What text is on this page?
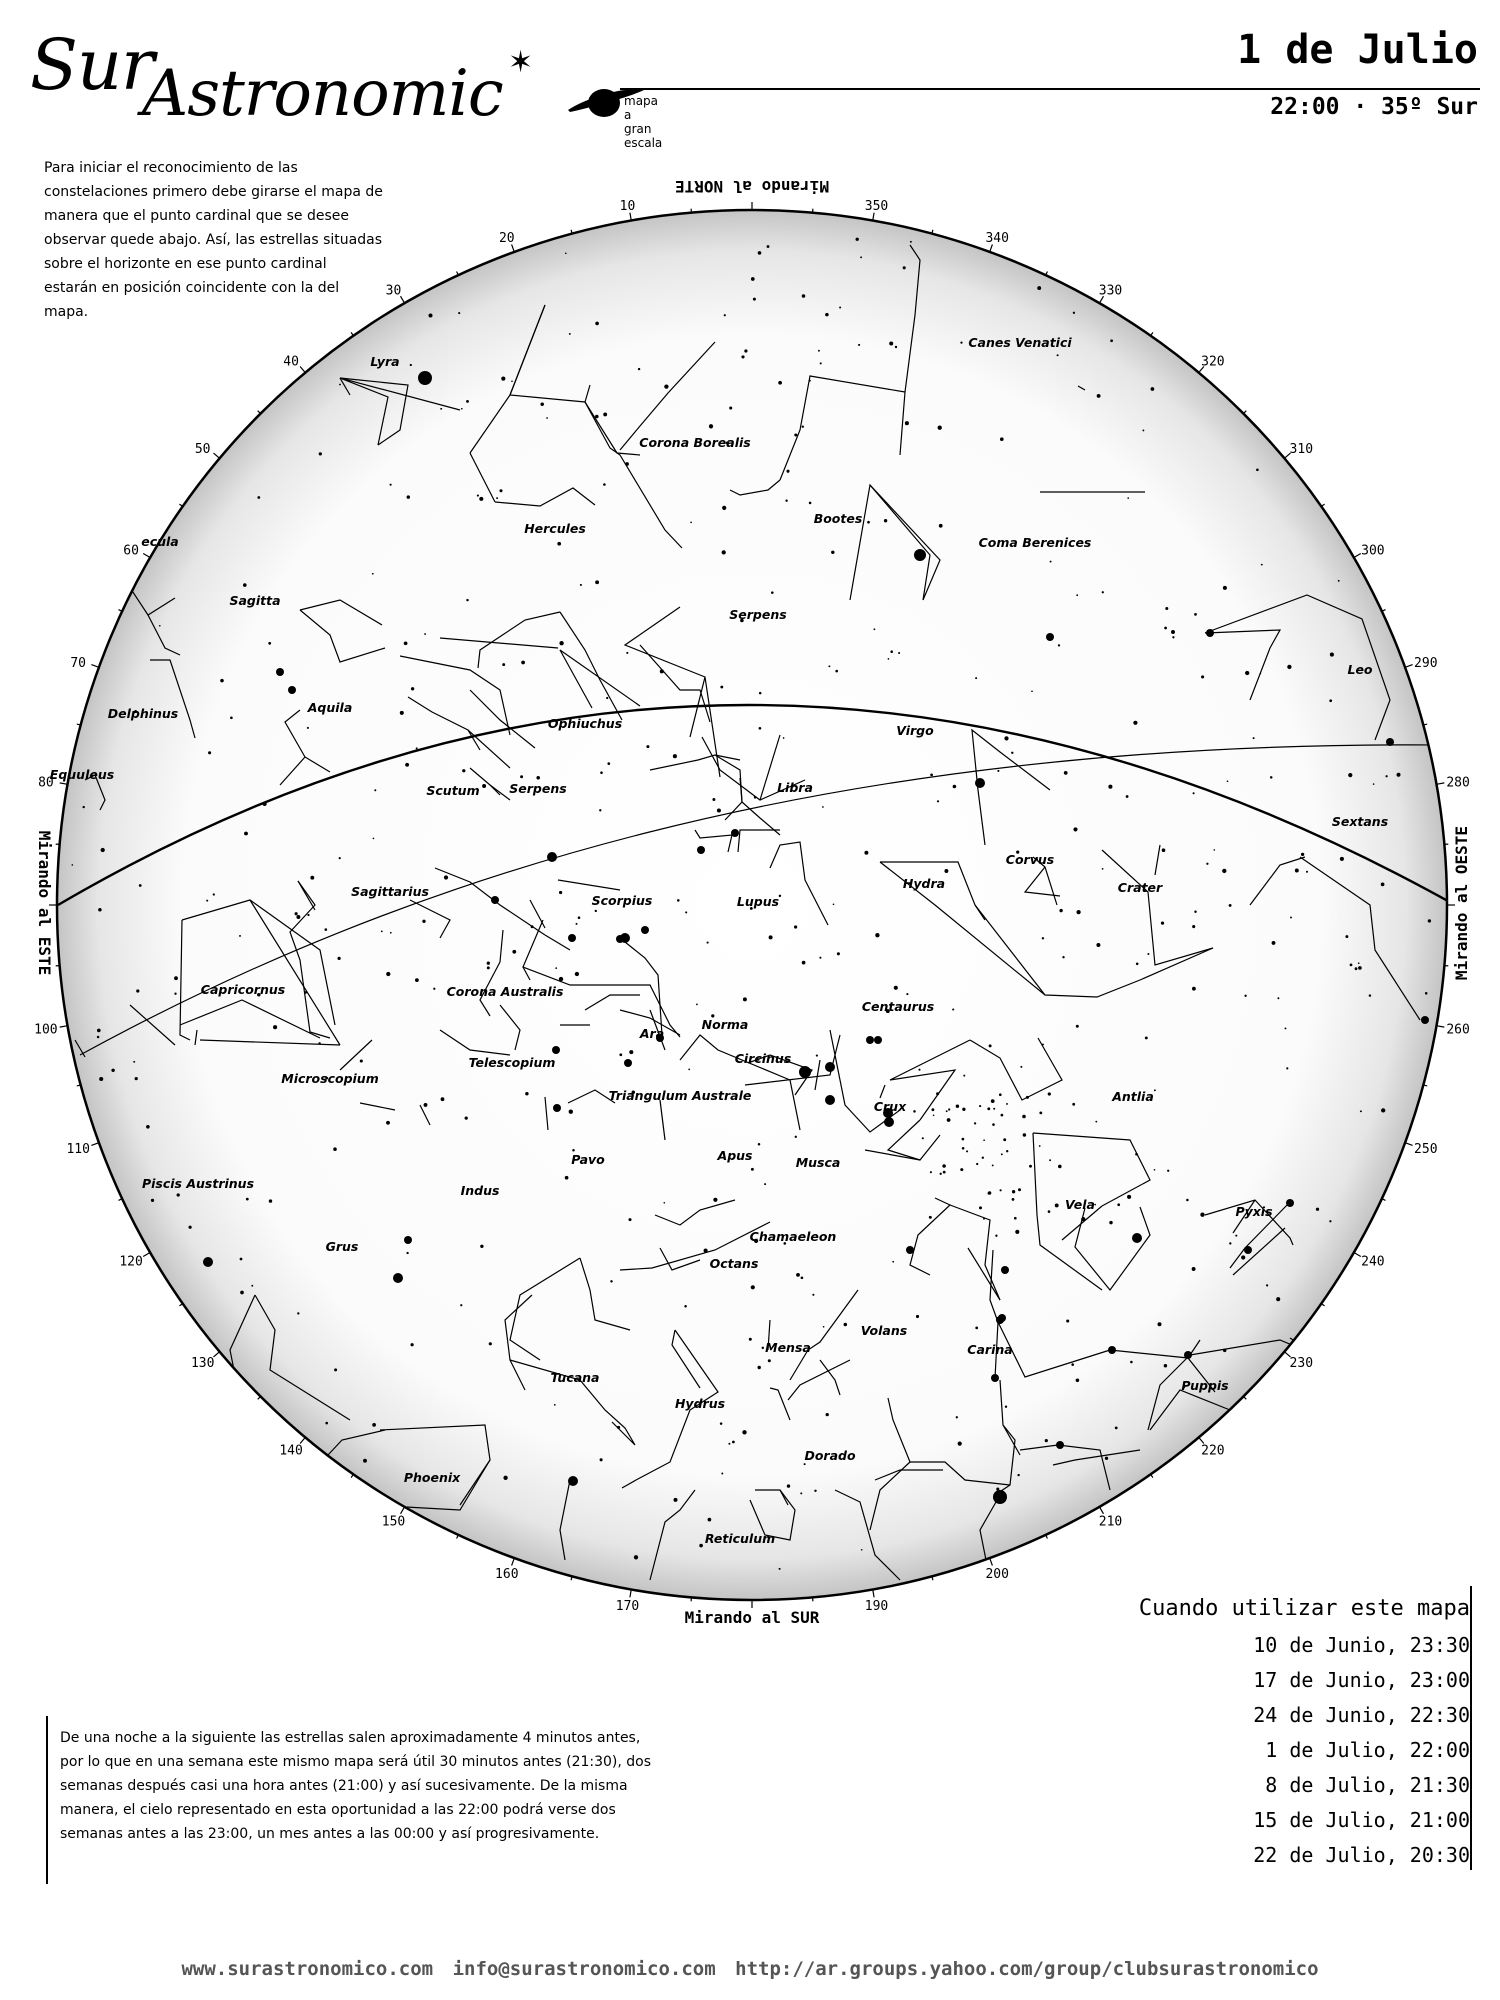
Sur
Astronomic ✶
mapa a gran escala
1 de Julio
22:00 · 35º Sur
Para iniciar el reconocimiento de las constelaciones primero debe girarse el mapa de manera que el punto cardinal que se desee observar quede abajo. Así, las estrellas situadas sobre el horizonte en ese punto cardinal estarán en posición coincidente con la del mapa.
10
20
30
40
50
60
70
80
100
110
120
130
140
150
160
170	190
200
210
220
230
240
250
260
280
290
300
310
320
330
340
350
Lyra
Canes Venatici
Corona Borealis
Hercules
Bootes
Coma Berenices
ecula
Sagitta
Serpens
Leo
Delphinus	Aquila
Ophiuchus	Virgo
Equuleus
Scutum Serpens	Libra
Sextans
Sagittarius
Scorpius	Lupus
Corvus
Crater
Hydra
Capricornus	Corona Australis
Centaurus
Ara
Norma
Circinus
Telescopium
Microscopium
Triangulum Australe
Crux
Antlia
Pavo	Apus	Musca
Indus
Piscis Austrinus
Vela	Pyxis
Grus
Chamaeleon
Octans
Volans
Carina
Mensa
Tucana
Hydrus
Puppis
Dorado
Phoenix
Reticulum
Mirando al NORTE
Mirando al SUR
Mirando al ESTE	Mirando al OESTE
Cuando utilizar este mapa
10 de Junio, 23:30
17 de Junio, 23:00
24 de Junio, 22:30
1 de Julio, 22:00
8 de Julio, 21:30
15 de Julio, 21:00
22 de Julio, 20:30
De una noche a la siguiente las estrellas salen aproximadamente 4 minutos antes, por lo que en una semana este mismo mapa será útil 30 minutos antes (21:30), dos semanas después casi una hora antes (21:00) y así sucesivamente. De la misma manera, el cielo representado en esta oportunidad a las 22:00 podrá verse dos semanas antes a las 23:00, un mes antes a las 00:00 y así progresivamente.
www.surastronomico.com info@surastronomico.com http://ar.groups.yahoo.com/group/clubsurastronomico
